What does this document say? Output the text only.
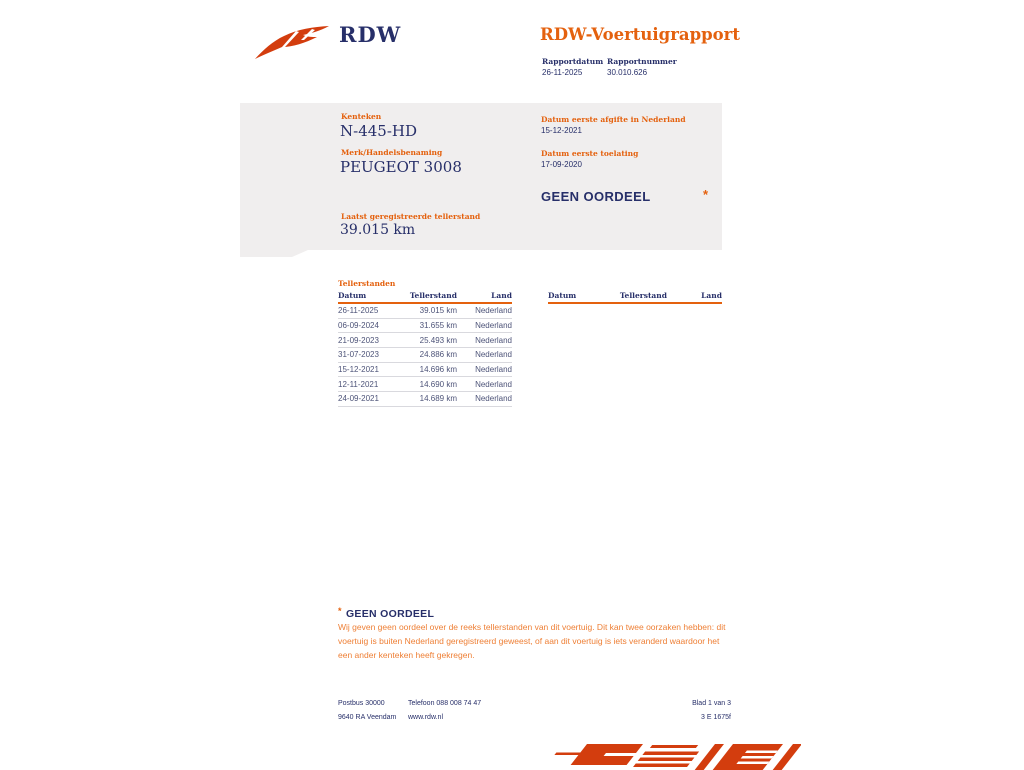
RDW	RDW-Voertuigrapport
Rapportdatum
26-11-2025
Rapportnummer
30.010.626
Kenteken
N-445-HD
Merk/Handelsbenaming
PEUGEOT 3008
Laatst geregistreerde tellerstand
39.015 km
Datum eerste afgifte in Nederland
15-12-2021
Datum eerste toelating
17-09-2020
GEEN OORDEEL	*
Tellerstanden
Datum	Tellerstand	Land
26-11-2025	39.015 km	Nederland
06-09-2024	31.655 km	Nederland
21-09-2023	25.493 km	Nederland
31-07-2023	24.886 km	Nederland
15-12-2021	14.696 km	Nederland
12-11-2021	14.690 km	Nederland
24-09-2021	14.689 km	Nederland
Datum	Tellerstand	Land
* GEEN OORDEEL
Wij geven geen oordeel over de reeks tellerstanden van dit voertuig. Dit kan twee oorzaken hebben: dit voertuig is buiten Nederland geregistreerd geweest, of aan dit voertuig is iets veranderd waardoor het een ander kenteken heeft gekregen.
Postbus 30000
9640 RA Veendam
Telefoon 088 008 74 47
www.rdw.nl
Blad 1 van 3
3 E 1675f
